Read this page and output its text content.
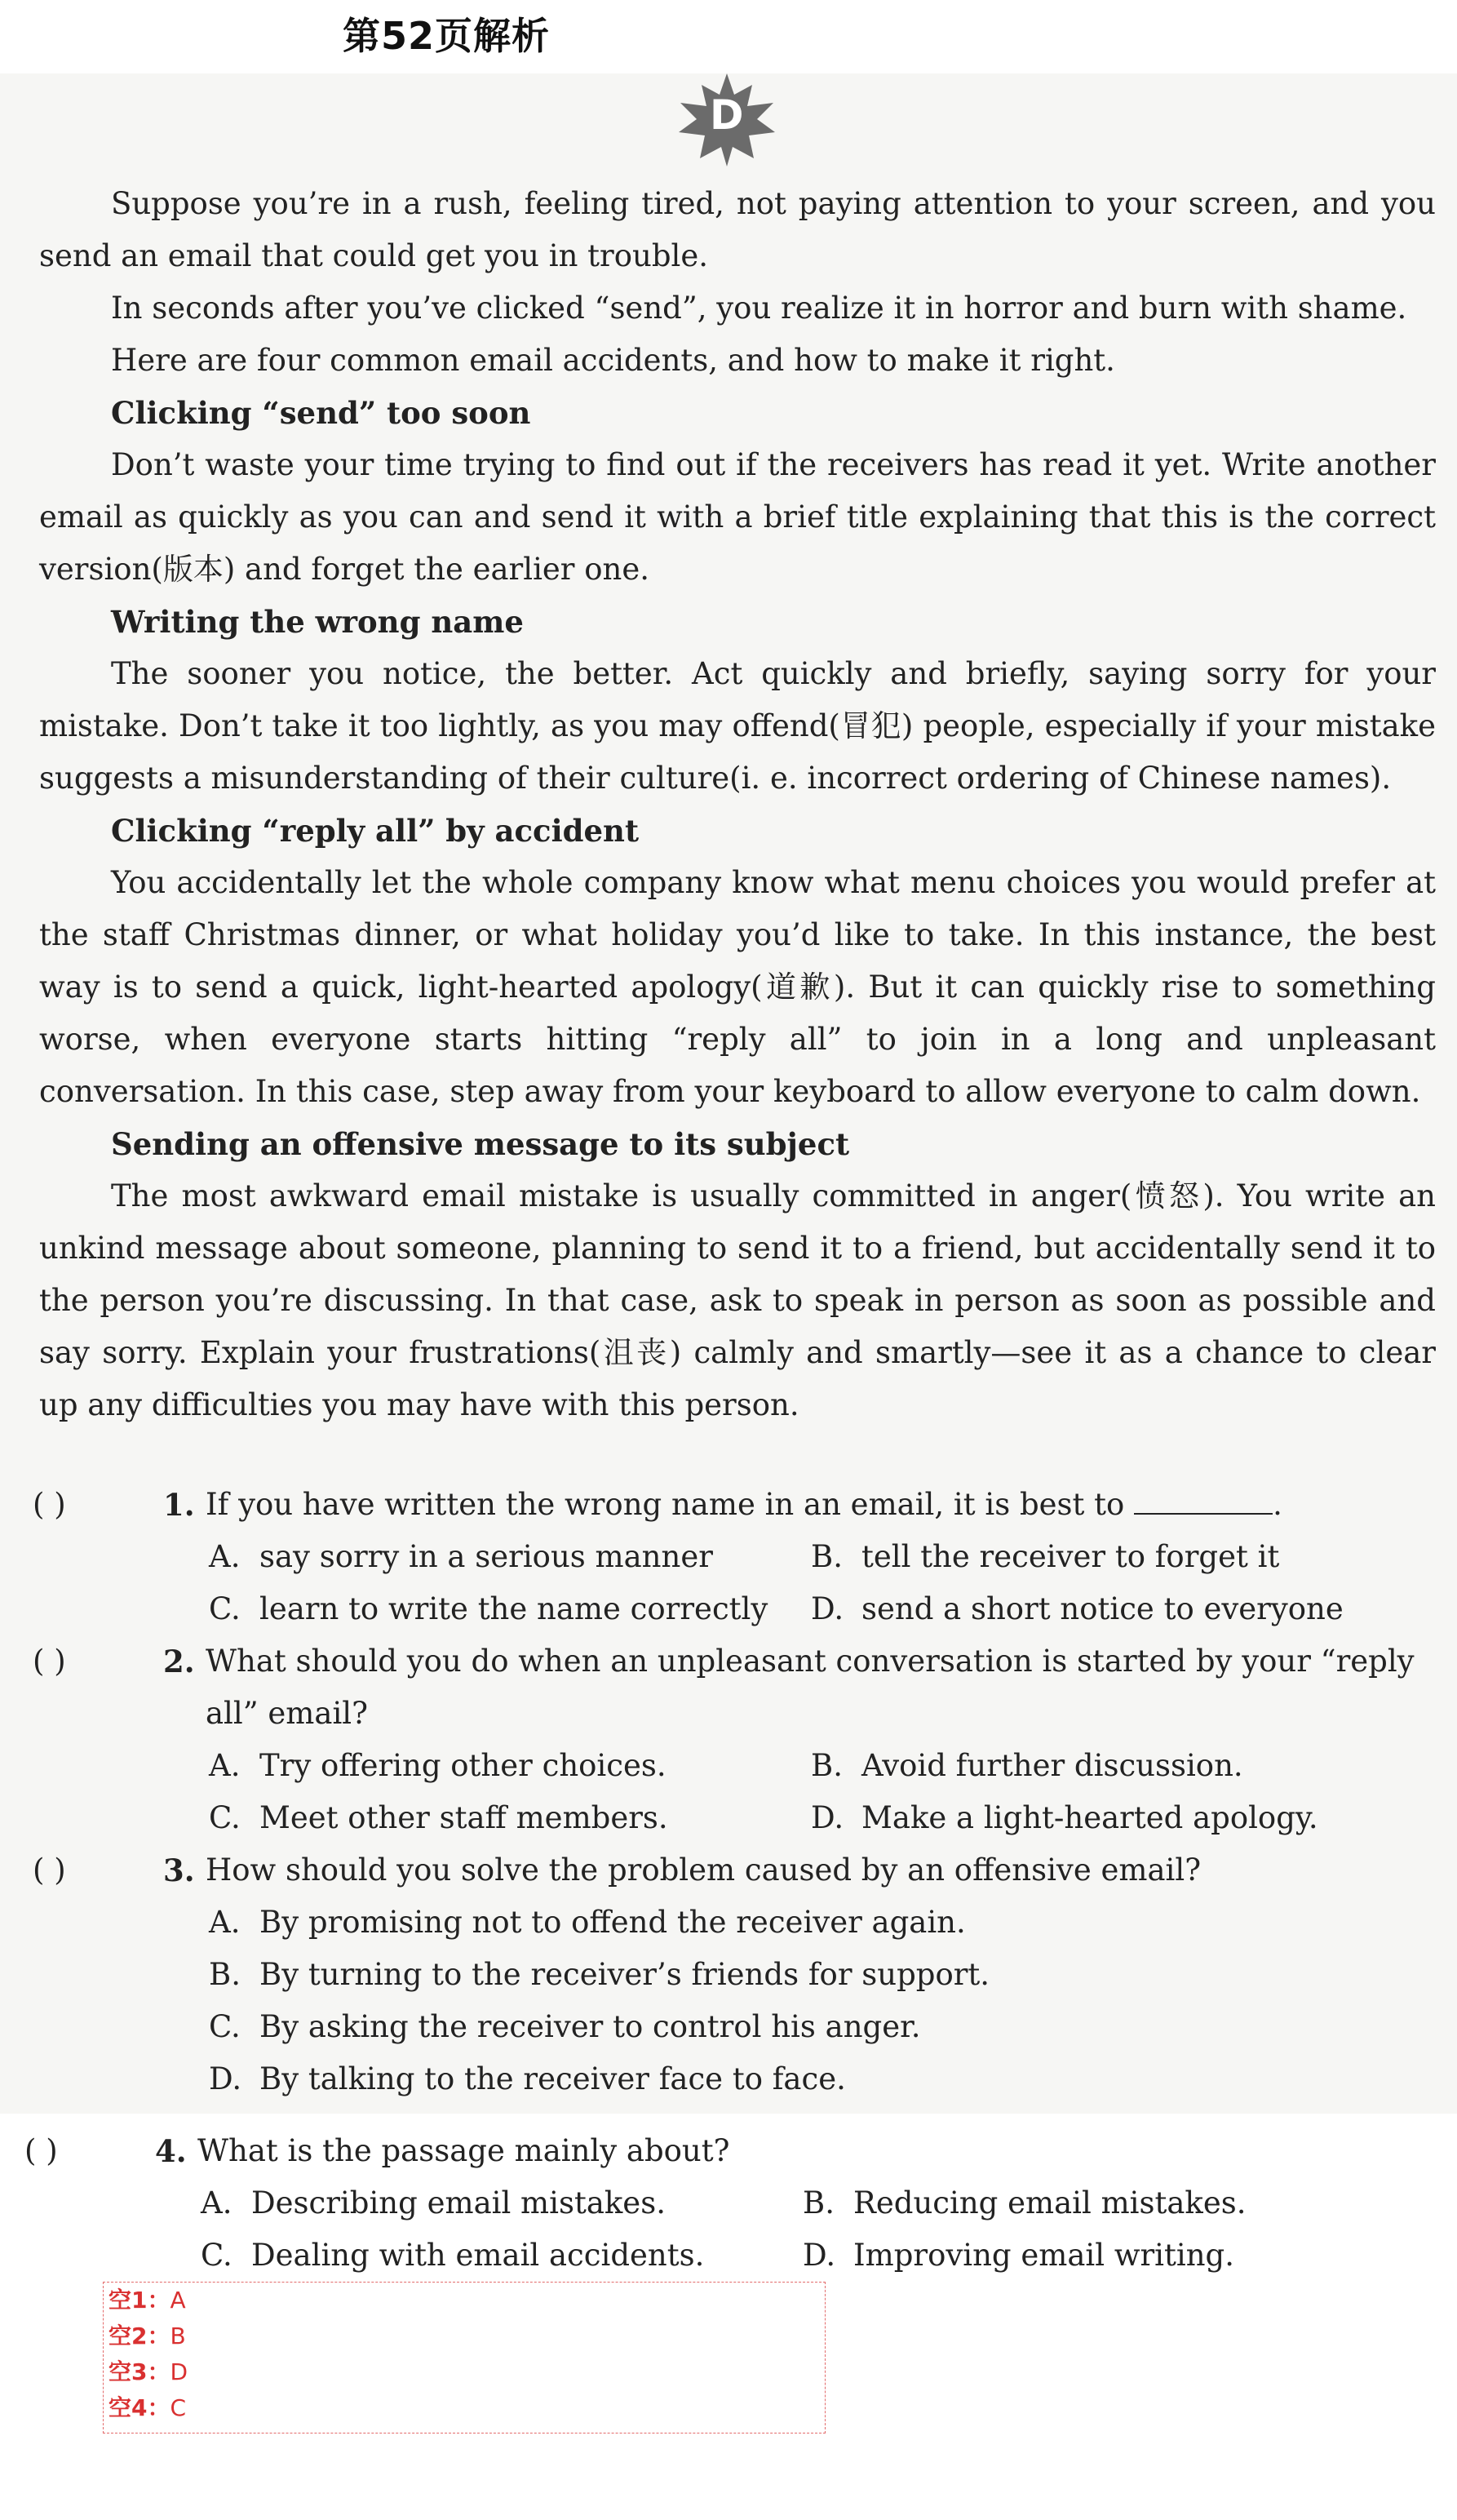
第52页解析
D

Suppose you’re in a rush, feeling tired, not paying attention to your screen, and you send an email that could get you in trouble.

In seconds after you’ve clicked “send”, you realize it in horror and burn with shame.

Here are four common email accidents, and how to make it right.

Clicking “send” too soon

Don’t waste your time trying to find out if the receivers has read it yet. Write another email as quickly as you can and send it with a brief title explaining that this is the correct version(版本) and forget the earlier one.

Writing the wrong name

The sooner you notice, the better. Act quickly and briefly, saying sorry for your mistake. Don’t take it too lightly, as you may offend(冒犯) people, especially if your mistake suggests a misunderstanding of their culture(i. e. incorrect ordering of Chinese names).

Clicking “reply all” by accident

You accidentally let the whole company know what menu choices you would prefer at the staff Christmas dinner, or what holiday you’d like to take. In this instance, the best way is to send a quick, light-hearted apology(道歉). But it can quickly rise to something worse, when everyone starts hitting “reply all” to join in a long and unpleasant conversation. In this case, step away from your keyboard to allow everyone to calm down.

Sending an offensive message to its subject

The most awkward email mistake is usually committed in anger(愤怒). You write an unkind message about someone, planning to send it to a friend, but accidentally send it to the person you’re discussing. In that case, ask to speak in person as soon as possible and say sorry. Explain your frustrations(沮丧) calmly and smartly—see it as a chance to clear up any difficulties you may have with this person.

( )	1. If you have written the wrong name in an email, it is best to	.
A. say sorry in a serious manner	B. tell the receiver to forget it
C. learn to write the name correctly D. send a short notice to everyone
( )	2. What should you do when an unpleasant conversation is started by your “reply all” email?
A. Try offering other choices.	B. Avoid further discussion.
C. Meet other staff members.	D. Make a light-hearted apology.
( )	3. How should you solve the problem caused by an offensive email?
A. By promising not to offend the receiver again.
B. By turning to the receiver’s friends for support.
C. By asking the receiver to control his anger.
D. By talking to the receiver face to face.
( )	4. What is the passage mainly about?
A. Describing email mistakes.	B. Reducing email mistakes.
C. Dealing with email accidents.	D. Improving email writing.
空1：A
空2：B
空3：D
空4：C
